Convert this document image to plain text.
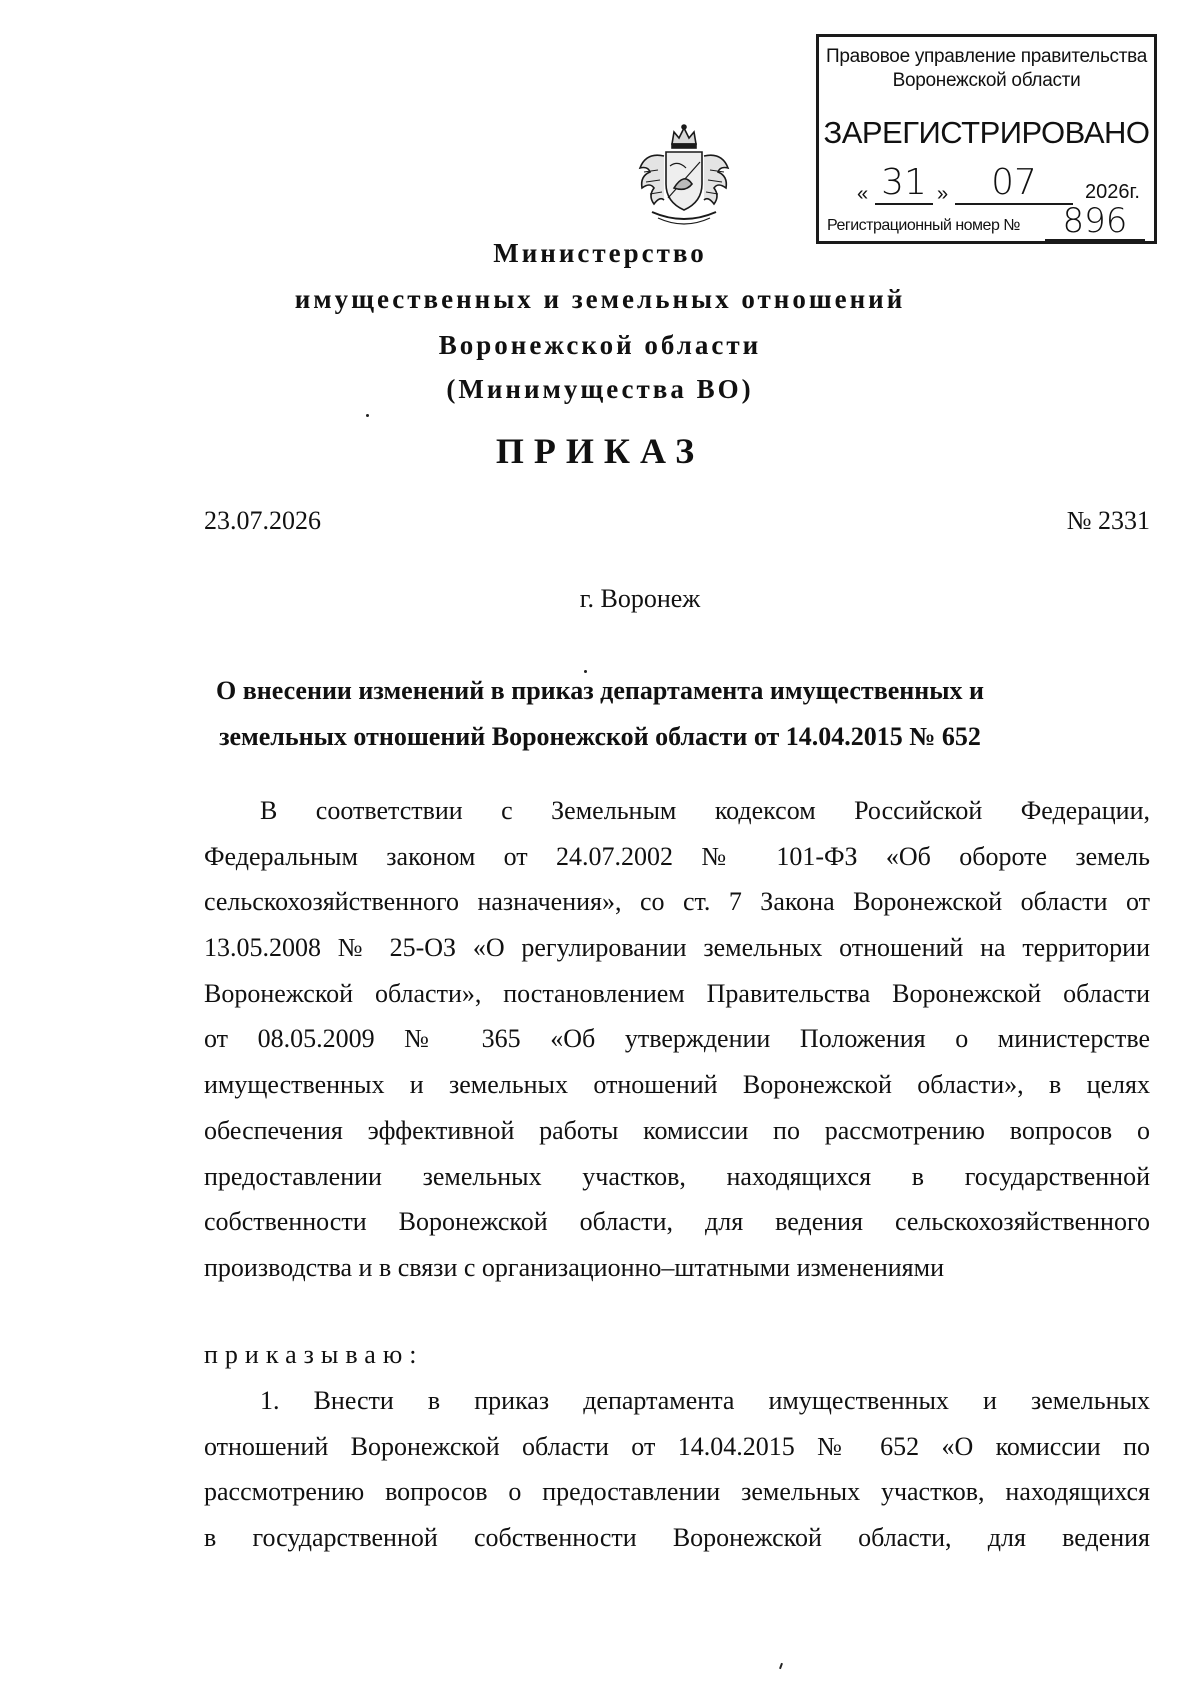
Правовое управление правительства
Воронежской области
ЗАРЕГИСТРИРОВАНО
« 31 »	07	2026г.
Регистрационный номер №	896
Министерство
имущественных и земельных отношений
Воронежской области
(Минимущества ВО)
ПРИКАЗ
23.07.2026	№ 2331
г. Воронеж
О внесении изменений в приказ департамента имущественных и
земельных отношений Воронежской области от 14.04.2015 № 652
В соответствии с Земельным кодексом Российской Федерации,
Федеральным законом от 24.07.2002 № 101-ФЗ «Об обороте земель
сельскохозяйственного назначения», со ст. 7 Закона Воронежской области от
13.05.2008 № 25-ОЗ «О регулировании земельных отношений на территории
Воронежской области», постановлением Правительства Воронежской области
от 08.05.2009 № 365 «Об утверждении Положения о министерстве
имущественных и земельных отношений Воронежской области», в целях
обеспечения эффективной работы комиссии по рассмотрению вопросов о
предоставлении земельных участков, находящихся в государственной
собственности Воронежской области, для ведения сельскохозяйственного
производства и в связи с организационно–штатными изменениями
приказываю:
1. Внести в приказ департамента имущественных и земельных
отношений Воронежской области от 14.04.2015 № 652 «О комиссии по
рассмотрению вопросов о предоставлении земельных участков, находящихся
в государственной собственности Воронежской области, для ведения
